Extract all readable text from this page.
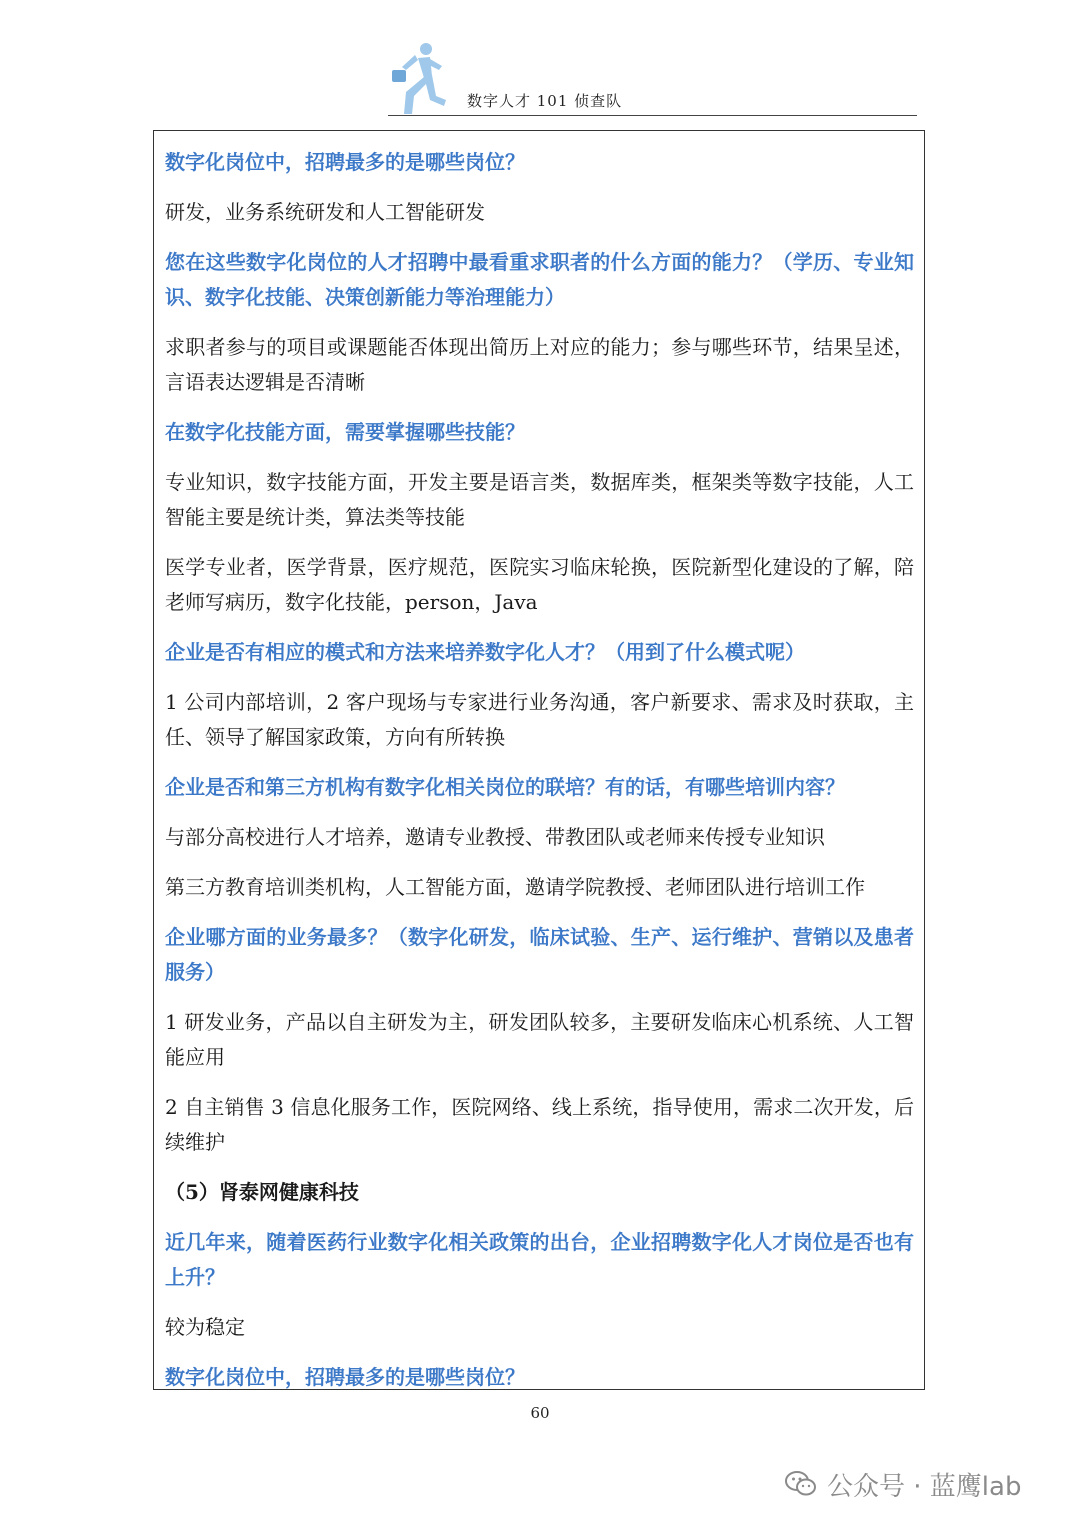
数字人才 101 侦查队

数字化岗位中，招聘最多的是哪些岗位？

研发，业务系统研发和人工智能研发

您在这些数字化岗位的人才招聘中最看重求职者的什么方面的能力？（学历、专业知识、数字化技能、决策创新能力等治理能力）

求职者参与的项目或课题能否体现出简历上对应的能力；参与哪些环节，结果呈述，言语表达逻辑是否清晰

在数字化技能方面，需要掌握哪些技能？

专业知识，数字技能方面，开发主要是语言类，数据库类，框架类等数字技能，人工智能主要是统计类，算法类等技能

医学专业者，医学背景，医疗规范，医院实习临床轮换，医院新型化建设的了解，陪老师写病历，数字化技能，person，Java

企业是否有相应的模式和方法来培养数字化人才？（用到了什么模式呢）

1 公司内部培训，2 客户现场与专家进行业务沟通，客户新要求、需求及时获取，主任、领导了解国家政策，方向有所转换

企业是否和第三方机构有数字化相关岗位的联培？有的话，有哪些培训内容？

与部分高校进行人才培养，邀请专业教授、带教团队或老师来传授专业知识

第三方教育培训类机构，人工智能方面，邀请学院教授、老师团队进行培训工作

企业哪方面的业务最多？（数字化研发，临床试验、生产、运行维护、营销以及患者服务）

1 研发业务，产品以自主研发为主，研发团队较多，主要研发临床心机系统、人工智能应用

2 自主销售 3 信息化服务工作，医院网络、线上系统，指导使用，需求二次开发，后续维护

（5）肾泰网健康科技

近几年来，随着医药行业数字化相关政策的出台，企业招聘数字化人才岗位是否也有上升？

较为稳定

数字化岗位中，招聘最多的是哪些岗位？

60
公众号 · 蓝鹰lab
